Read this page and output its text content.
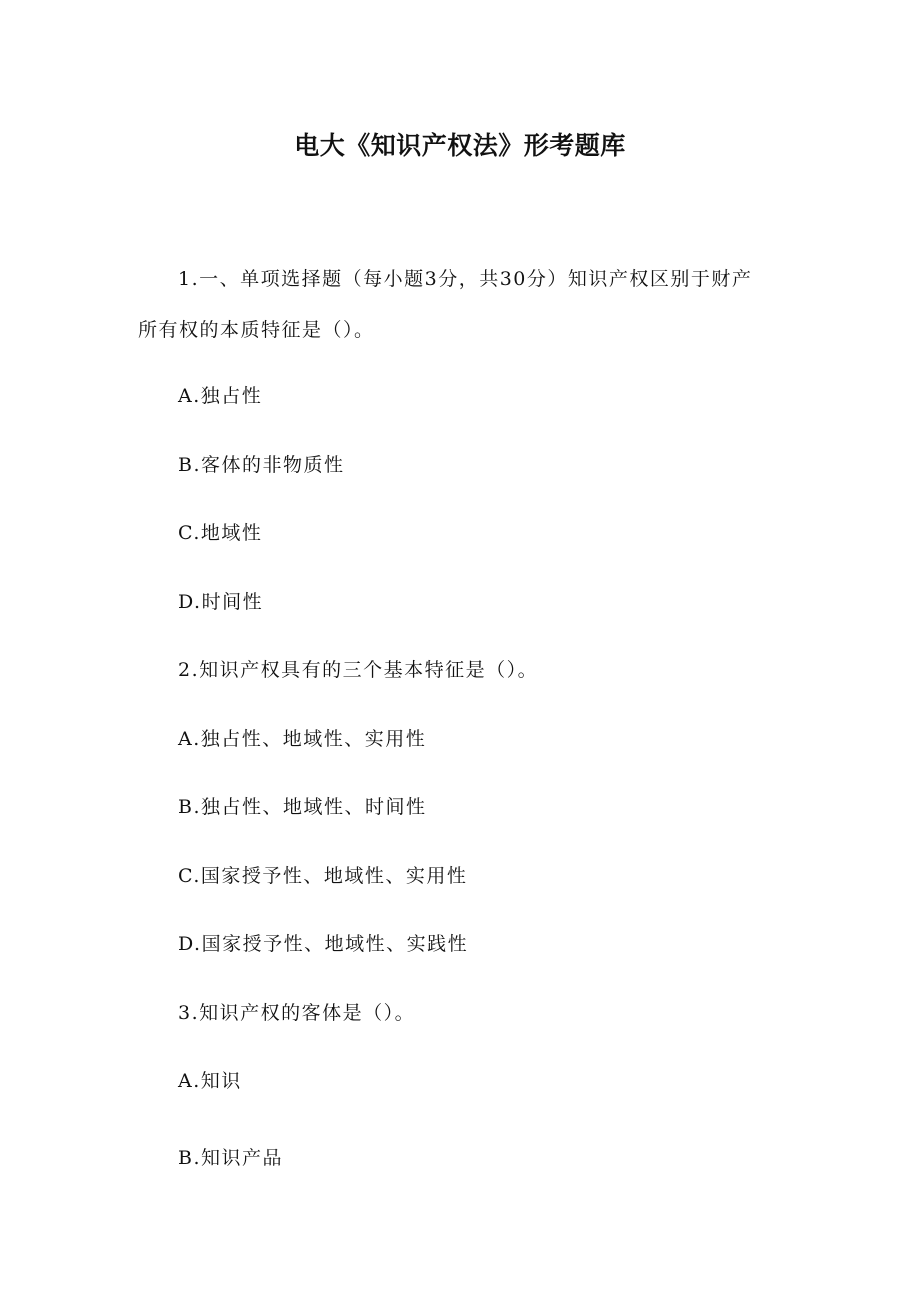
电大《知识产权法》形考题库
1.一、单项选择题（每小题3分，共30分）知识产权区别于财产
所有权的本质特征是（）。
A.独占性
B.客体的非物质性
C.地域性
D.时间性
2.知识产权具有的三个基本特征是（）。
A.独占性、地域性、实用性
B.独占性、地域性、时间性
C.国家授予性、地域性、实用性
D.国家授予性、地域性、实践性
3.知识产权的客体是（）。
A.知识
B.知识产品
